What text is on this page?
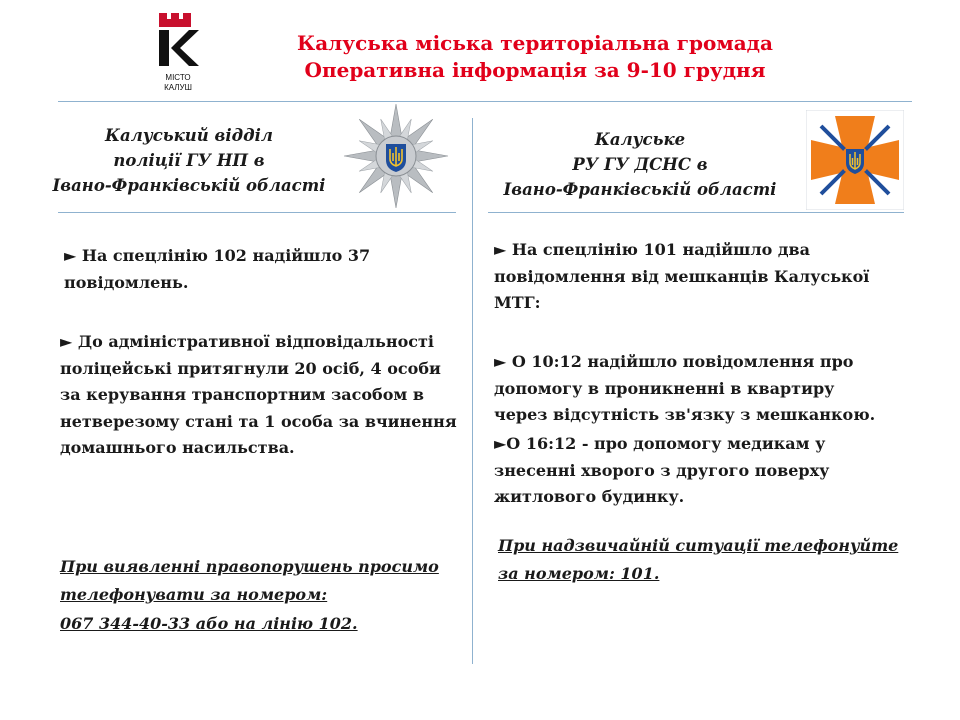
МІСТО
КАЛУШ
Калуська міська територіальна громада
Оперативна інформація за 9-10 грудня
Калуський відділ
поліції ГУ НП в
Івано-Франківській області
Калуське
РУ ГУ ДСНС в
Івано-Франківській області
► На спецлінію 102 надійшло 37
повідомлень.
► До адміністративної відповідальності
поліцейські притягнули 20 осіб, 4 особи
за керування транспортним засобом в
нетверезому стані та 1 особа за вчинення
домашнього насильства.
При виявленні правопорушень просимо
телефонувати за номером:
067 344-40-33 або на лінію 102.
► На спецлінію 101 надійшло два
повідомлення від мешканців Калуської
МТГ:
► О 10:12 надійшло повідомлення про
допомогу в проникненні в квартиру
через відсутність зв'язку з мешканкою.
►О 16:12 - про допомогу медикам у
знесенні хворого з другого поверху
житлового будинку.
При надзвичайній ситуації телефонуйте
за номером: 101.
